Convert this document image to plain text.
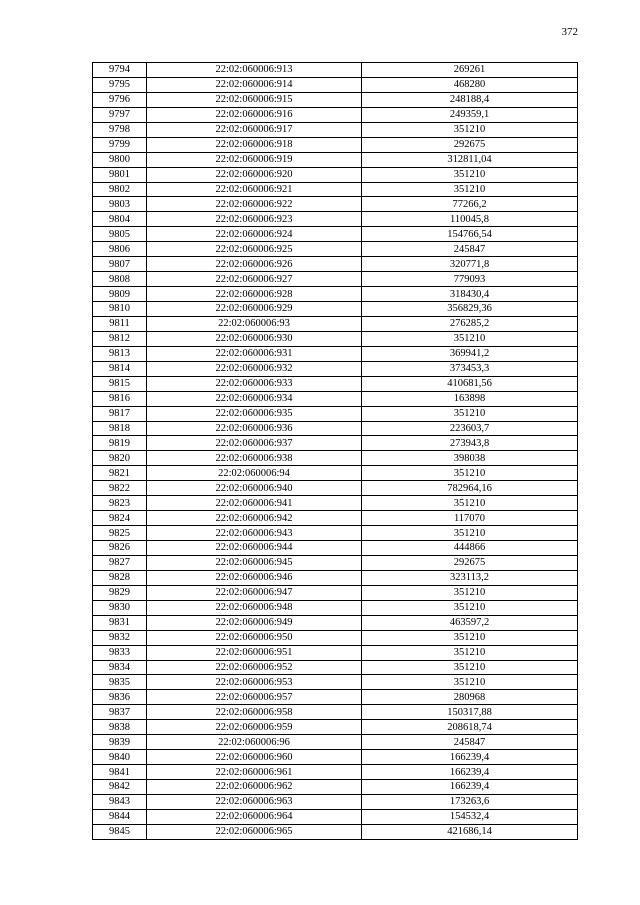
372
9794	22:02:060006:913	269261
9795	22:02:060006:914	468280
9796	22:02:060006:915	248188,4
9797	22:02:060006:916	249359,1
9798	22:02:060006:917	351210
9799	22:02:060006:918	292675
9800	22:02:060006:919	312811,04
9801	22:02:060006:920	351210
9802	22:02:060006:921	351210
9803	22:02:060006:922	77266,2
9804	22:02:060006:923	110045,8
9805	22:02:060006:924	154766,54
9806	22:02:060006:925	245847
9807	22:02:060006:926	320771,8
9808	22:02:060006:927	779093
9809	22:02:060006:928	318430,4
9810	22:02:060006:929	356829,36
9811	22:02:060006:93	276285,2
9812	22:02:060006:930	351210
9813	22:02:060006:931	369941,2
9814	22:02:060006:932	373453,3
9815	22:02:060006:933	410681,56
9816	22:02:060006:934	163898
9817	22:02:060006:935	351210
9818	22:02:060006:936	223603,7
9819	22:02:060006:937	273943,8
9820	22:02:060006:938	398038
9821	22:02:060006:94	351210
9822	22:02:060006:940	782964,16
9823	22:02:060006:941	351210
9824	22:02:060006:942	117070
9825	22:02:060006:943	351210
9826	22:02:060006:944	444866
9827	22:02:060006:945	292675
9828	22:02:060006:946	323113,2
9829	22:02:060006:947	351210
9830	22:02:060006:948	351210
9831	22:02:060006:949	463597,2
9832	22:02:060006:950	351210
9833	22:02:060006:951	351210
9834	22:02:060006:952	351210
9835	22:02:060006:953	351210
9836	22:02:060006:957	280968
9837	22:02:060006:958	150317,88
9838	22:02:060006:959	208618,74
9839	22:02:060006:96	245847
9840	22:02:060006:960	166239,4
9841	22:02:060006:961	166239,4
9842	22:02:060006:962	166239,4
9843	22:02:060006:963	173263,6
9844	22:02:060006:964	154532,4
9845	22:02:060006:965	421686,14
